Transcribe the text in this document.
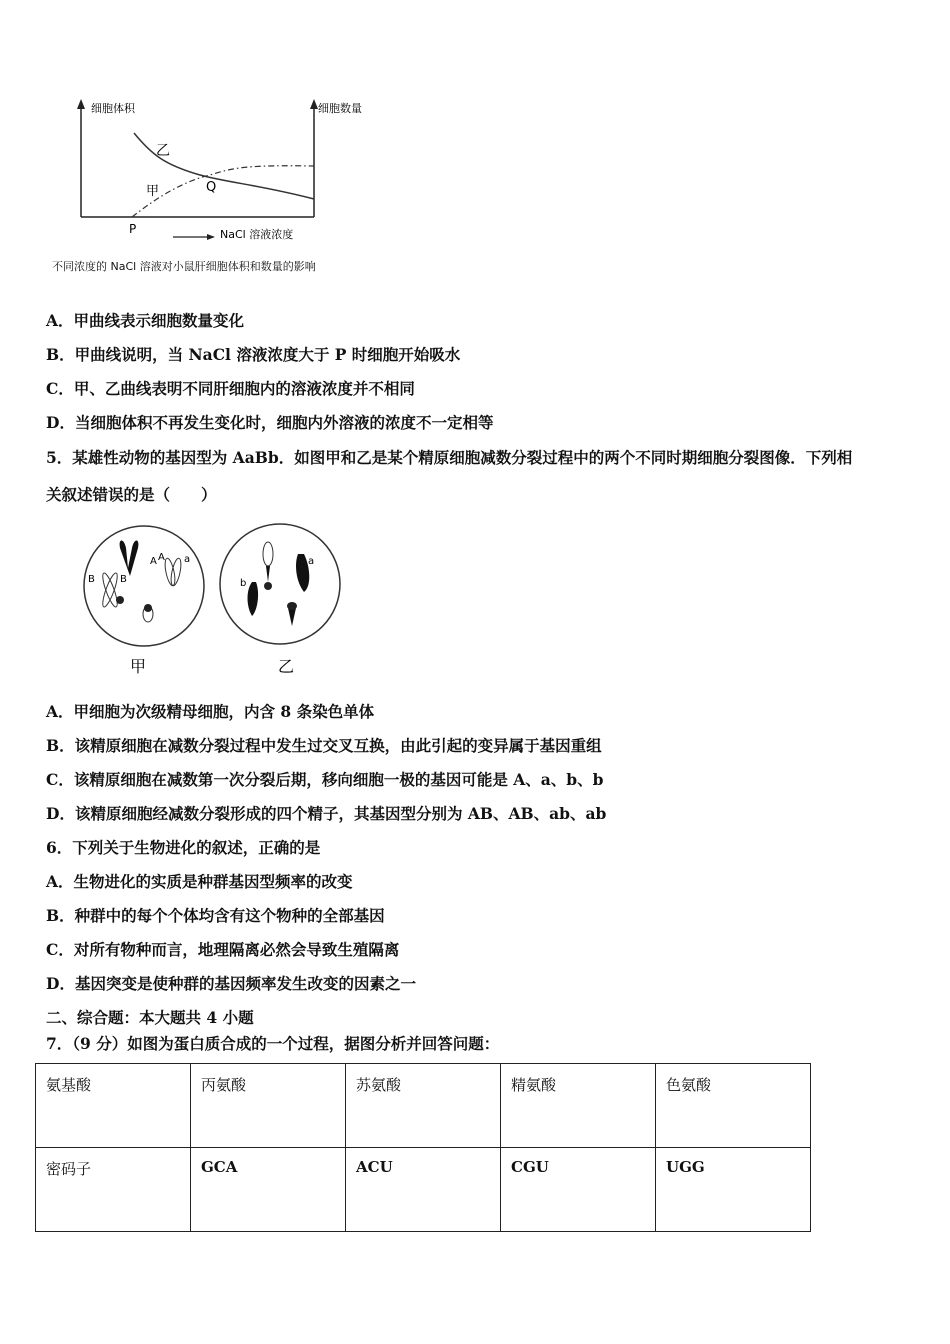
乙
甲	Q
P
细胞体积	细胞数量
NaCl 溶液浓度
不同浓度的 NaCl 溶液对小鼠肝细胞体积和数量的影响
A．甲曲线表示细胞数量变化
B．甲曲线说明，当 NaCl 溶液浓度大于 P 时细胞开始吸水
C．甲、乙曲线表明不同肝细胞内的溶液浓度并不相同
D．当细胞体积不再发生变化时，细胞内外溶液的浓度不一定相等
5．某雄性动物的基因型为 AaBb．如图甲和乙是某个精原细胞减数分裂过程中的两个不同时期细胞分裂图像．下列相
关叙述错误的是（　　）
A A a
B	B
甲
b
a
乙
A．甲细胞为次级精母细胞，内含 8 条染色单体
B．该精原细胞在减数分裂过程中发生过交叉互换，由此引起的变异属于基因重组
C．该精原细胞在减数第一次分裂后期，移向细胞一极的基因可能是 A、a、b、b
D．该精原细胞经减数分裂形成的四个精子，其基因型分别为 AB、AB、ab、ab
6．下列关于生物进化的叙述，正确的是
A．生物进化的实质是种群基因型频率的改变
B．种群中的每个个体均含有这个物种的全部基因
C．对所有物种而言，地理隔离必然会导致生殖隔离
D．基因突变是使种群的基因频率发生改变的因素之一
二、综合题：本大题共 4 小题
7．（9 分）如图为蛋白质合成的一个过程，据图分析并回答问题：
氨基酸	丙氨酸	苏氨酸	精氨酸	色氨酸
密码子	GCA	ACU	CGU	UGG
